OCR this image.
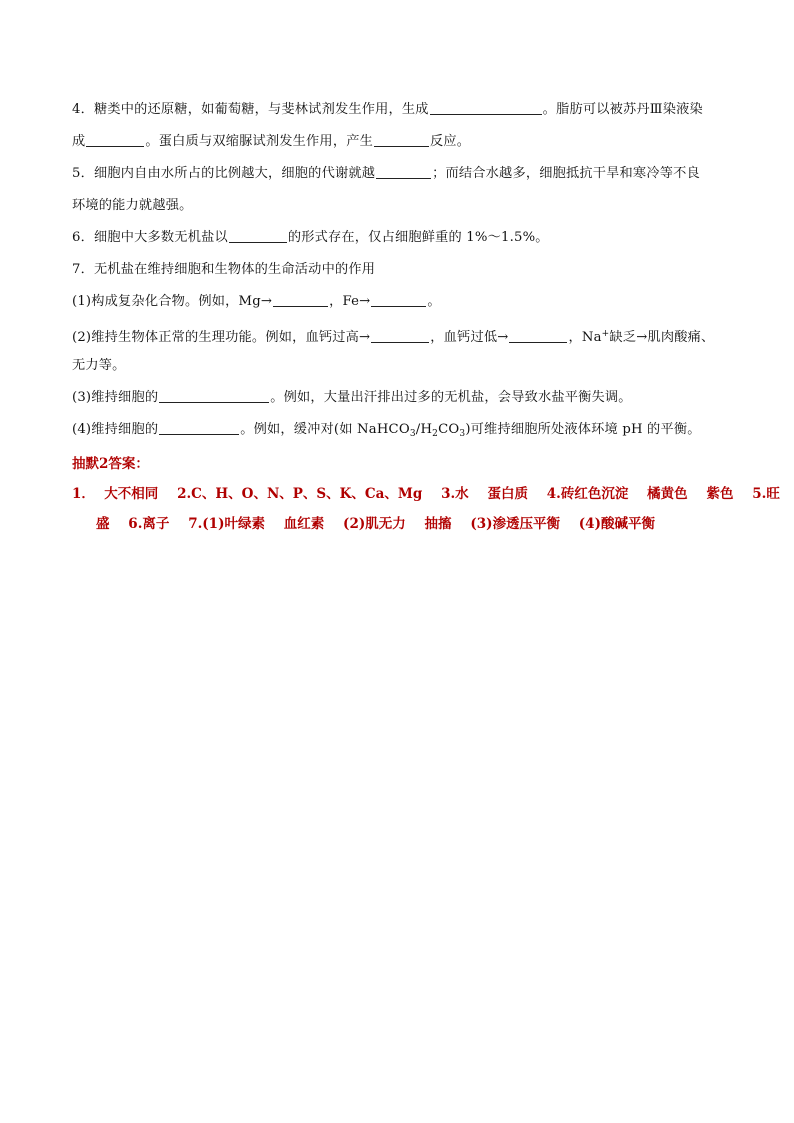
4．糖类中的还原糖，如葡萄糖，与斐林试剂发生作用，生成	。脂肪可以被苏丹Ⅲ染液染
成	。蛋白质与双缩脲试剂发生作用，产生	反应。
5．细胞内自由水所占的比例越大，细胞的代谢就越	；而结合水越多，细胞抵抗干旱和寒冷等不良
环境的能力就越强。
6．细胞中大多数无机盐以	的形式存在，仅占细胞鲜重的 1%～1.5%。
7．无机盐在维持细胞和生物体的生命活动中的作用
(1)构成复杂化合物。例如，Mg→	，Fe→	。
(2)维持生物体正常的生理功能。例如，血钙过高→	，血钙过低→	，Na+缺乏→肌肉酸痛、
无力等。
(3)维持细胞的	。例如，大量出汗排出过多的无机盐，会导致水盐平衡失调。
(4)维持细胞的	。例如，缓冲对(如 $NaHCO_3/H_2CO_3$)可维持细胞所处液体环境 pH 的平衡。
抽默2答案：
1．  大不相同    2.C、H、O、N、P、S、K、Ca、Mg    3.水    蛋白质    4.砖红色沉淀    橘黄色    紫色    5.旺
盛    6.离子    7.(1)叶绿素    血红素    (2)肌无力    抽搐    (3)渗透压平衡    (4)酸碱平衡
